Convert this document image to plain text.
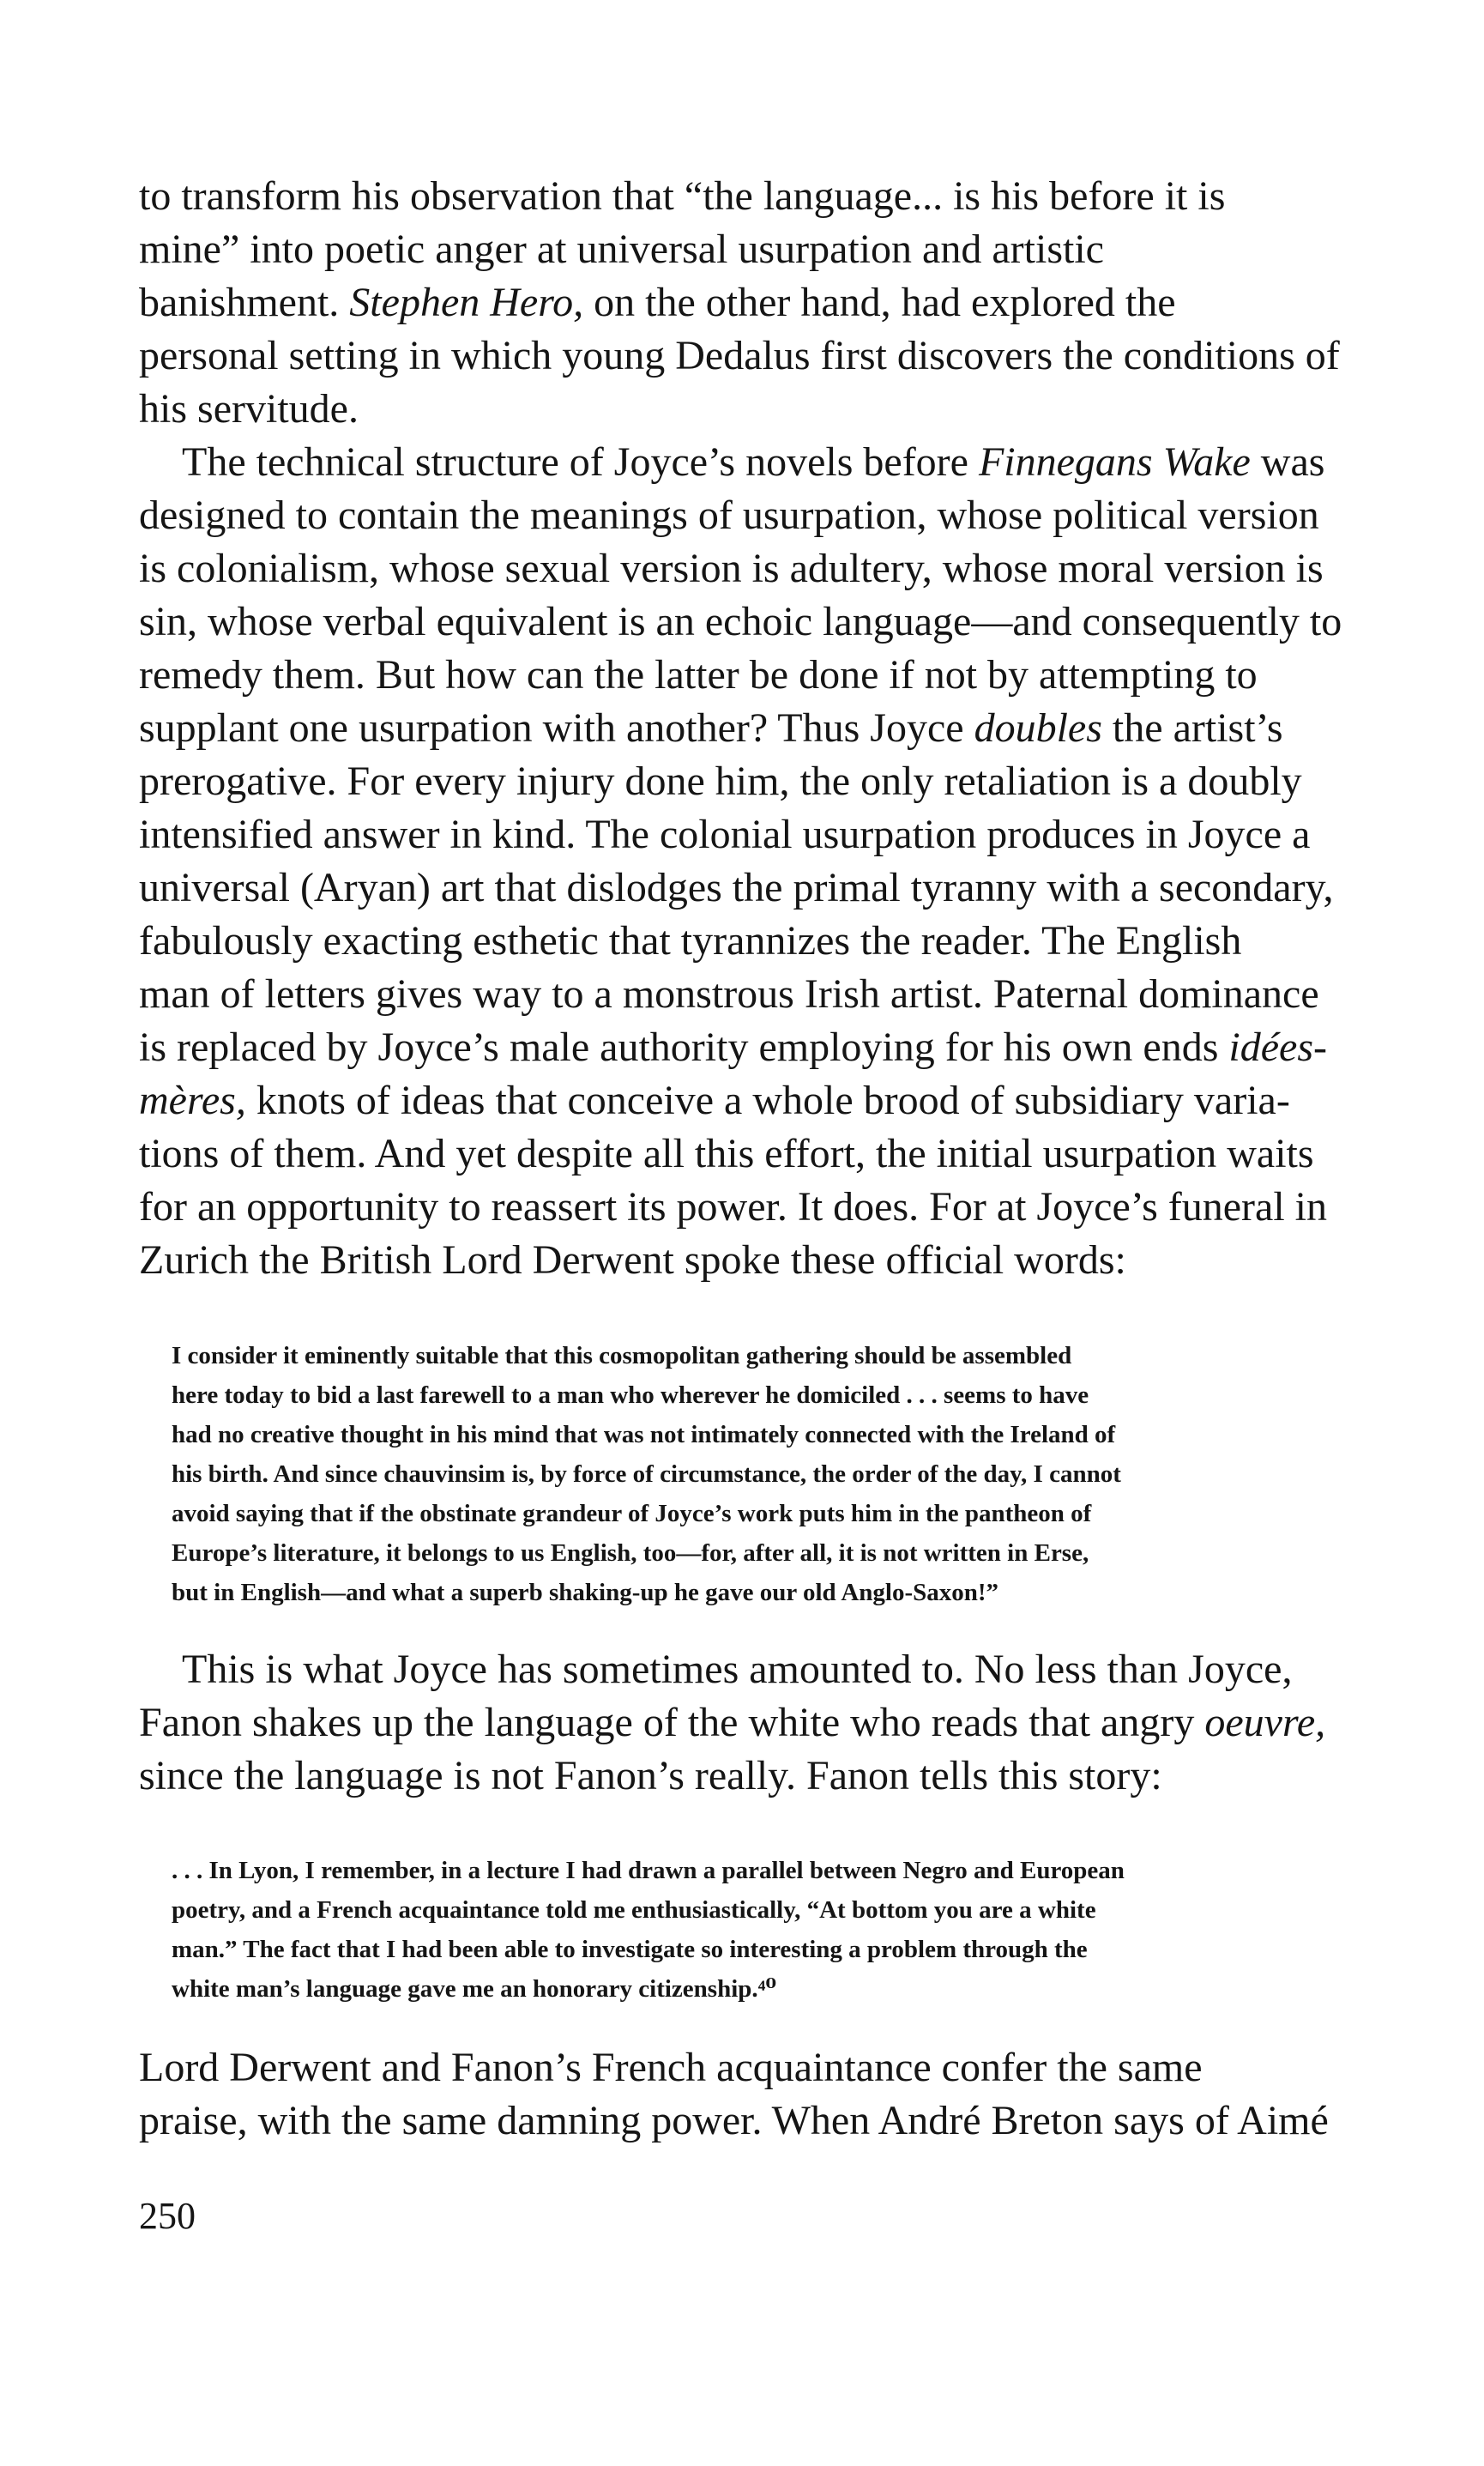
to transform his observation that “the language... is his before it is
mine” into poetic anger at universal usurpation and artistic
banishment. Stephen Hero, on the other hand, had explored the
personal setting in which young Dedalus first discovers the conditions of
his servitude.
The technical structure of Joyce’s novels before Finnegans Wake was
designed to contain the meanings of usurpation, whose political version
is colonialism, whose sexual version is adultery, whose moral version is
sin, whose verbal equivalent is an echoic language—and consequently to
remedy them. But how can the latter be done if not by attempting to
supplant one usurpation with another? Thus Joyce doubles the artist’s
prerogative. For every injury done him, the only retaliation is a doubly
intensified answer in kind. The colonial usurpation produces in Joyce a
universal (Aryan) art that dislodges the primal tyranny with a secondary,
fabulously exacting esthetic that tyrannizes the reader. The English
man of letters gives way to a monstrous Irish artist. Paternal dominance
is replaced by Joyce’s male authority employing for his own ends idées-
mères, knots of ideas that conceive a whole brood of subsidiary varia-
tions of them. And yet despite all this effort, the initial usurpation waits
for an opportunity to reassert its power. It does. For at Joyce’s funeral in
Zurich the British Lord Derwent spoke these official words:
I consider it eminently suitable that this cosmopolitan gathering should be assembled
here today to bid a last farewell to a man who wherever he domiciled . . . seems to have
had no creative thought in his mind that was not intimately connected with the Ireland of
his birth. And since chauvinsim is, by force of circumstance, the order of the day, I cannot
avoid saying that if the obstinate grandeur of Joyce’s work puts him in the pantheon of
Europe’s literature, it belongs to us English, too—for, after all, it is not written in Erse,
but in English—and what a superb shaking-up he gave our old Anglo-Saxon!”
This is what Joyce has sometimes amounted to. No less than Joyce,
Fanon shakes up the language of the white who reads that angry oeuvre,
since the language is not Fanon’s really. Fanon tells this story:
. . . In Lyon, I remember, in a lecture I had drawn a parallel between Negro and European
poetry, and a French acquaintance told me enthusiastically, “At bottom you are a white
man.” The fact that I had been able to investigate so interesting a problem through the
white man’s language gave me an honorary citizenship.⁴⁰
Lord Derwent and Fanon’s French acquaintance confer the same
praise, with the same damning power. When André Breton says of Aimé
250
